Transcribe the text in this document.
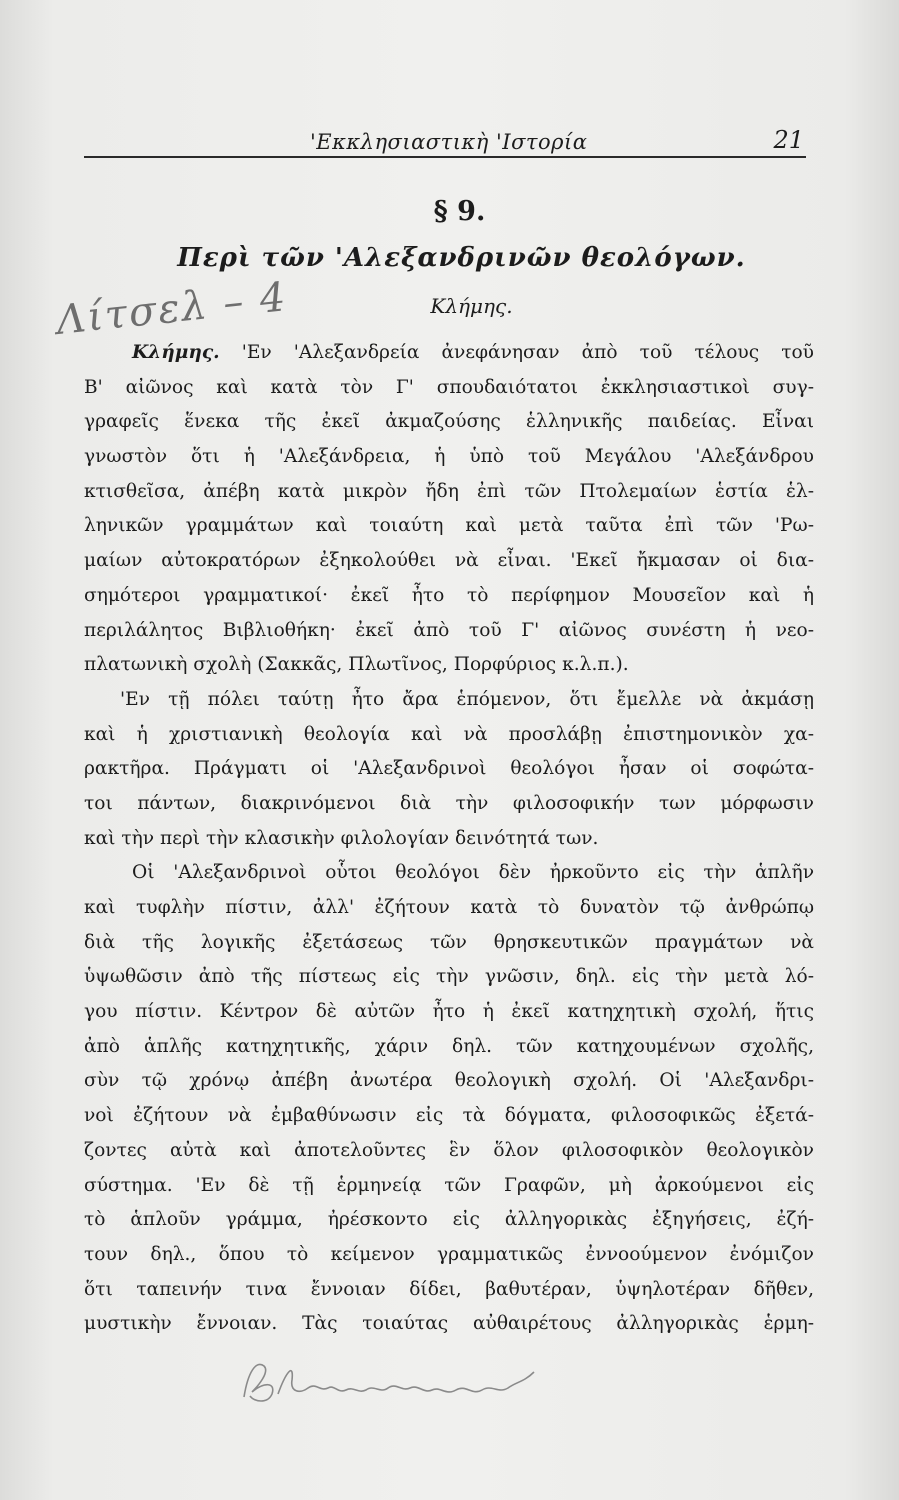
'Εκκλησιαστικὴ 'Ιστορία	21
§ 9.
Περὶ τῶν 'Αλεξανδρινῶν θεολόγων.
Κλήμης.
Λίτσελ – 4
Κλήμης. 'Εν 'Αλεξανδρεία ἀνεφάνησαν ἀπὸ τοῦ τέλους τοῦ
Β' αἰῶνος καὶ κατὰ τὸν Γ' σπουδαιότατοι ἐκκλησιαστικοὶ συγ-
γραφεῖς ἕνεκα τῆς ἐκεῖ ἀκμαζούσης ἑλληνικῆς παιδείας. Εἶναι
γνωστὸν ὅτι ἡ 'Αλεξάνδρεια, ἡ ὑπὸ τοῦ Μεγάλου 'Αλεξάνδρου
κτισθεῖσα, ἀπέβη κατὰ μικρὸν ἤδη ἐπὶ τῶν Πτολεμαίων ἑστία ἑλ-
ληνικῶν γραμμάτων καὶ τοιαύτη καὶ μετὰ ταῦτα ἐπὶ τῶν 'Ρω-
μαίων αὐτοκρατόρων ἐξηκολούθει νὰ εἶναι. 'Εκεῖ ἤκμασαν οἱ δια-
σημότεροι γραμματικοί· ἐκεῖ ἦτο τὸ περίφημον Μουσεῖον καὶ ἡ
περιλάλητος Βιβλιοθήκη· ἐκεῖ ἀπὸ τοῦ Γ' αἰῶνος συνέστη ἡ νεο-
πλατωνικὴ σχολὴ (Σακκᾶς, Πλωτῖνος, Πορφύριος κ.λ.π.).
'Εν τῇ πόλει ταύτῃ ἦτο ἄρα ἑπόμενον, ὅτι ἔμελλε νὰ ἀκμάσῃ
καὶ ἡ χριστιανικὴ θεολογία καὶ νὰ προσλάβῃ ἐπιστημονικὸν χα-
ρακτῆρα. Πράγματι οἱ 'Αλεξανδρινοὶ θεολόγοι ἦσαν οἱ σοφώτα-
τοι πάντων, διακρινόμενοι διὰ τὴν φιλοσοφικήν των μόρφωσιν
καὶ τὴν περὶ τὴν κλασικὴν φιλολογίαν δεινότητά των.
Οἱ 'Αλεξανδρινοὶ οὗτοι θεολόγοι δὲν ἠρκοῦντο εἰς τὴν ἁπλῆν
καὶ τυφλὴν πίστιν, ἀλλ' ἐζήτουν κατὰ τὸ δυνατὸν τῷ ἀνθρώπῳ
διὰ τῆς λογικῆς ἐξετάσεως τῶν θρησκευτικῶν πραγμάτων νὰ
ὑψωθῶσιν ἀπὸ τῆς πίστεως εἰς τὴν γνῶσιν, δηλ. εἰς τὴν μετὰ λό-
γου πίστιν. Κέντρον δὲ αὐτῶν ἦτο ἡ ἐκεῖ κατηχητικὴ σχολή, ἥτις
ἀπὸ ἁπλῆς κατηχητικῆς, χάριν δηλ. τῶν κατηχουμένων σχολῆς,
σὺν τῷ χρόνῳ ἀπέβη ἀνωτέρα θεολογικὴ σχολή. Οἱ 'Αλεξανδρι-
νοὶ ἐζήτουν νὰ ἐμβαθύνωσιν εἰς τὰ δόγματα, φιλοσοφικῶς ἐξετά-
ζοντες αὐτὰ καὶ ἀποτελοῦντες ἓν ὅλον φιλοσοφικὸν θεολογικὸν
σύστημα. 'Εν δὲ τῇ ἑρμηνείᾳ τῶν Γραφῶν, μὴ ἀρκούμενοι εἰς
τὸ ἁπλοῦν γράμμα, ἠρέσκοντο εἰς ἀλληγορικὰς ἐξηγήσεις, ἐζή-
τουν δηλ., ὅπου τὸ κείμενον γραμματικῶς ἐννοούμενον ἐνόμιζον
ὅτι ταπεινήν τινα ἔννοιαν δίδει, βαθυτέραν, ὑψηλοτέραν δῆθεν,
μυστικὴν ἔννοιαν. Τὰς τοιαύτας αὐθαιρέτους ἀλληγορικὰς ἑρμη-
